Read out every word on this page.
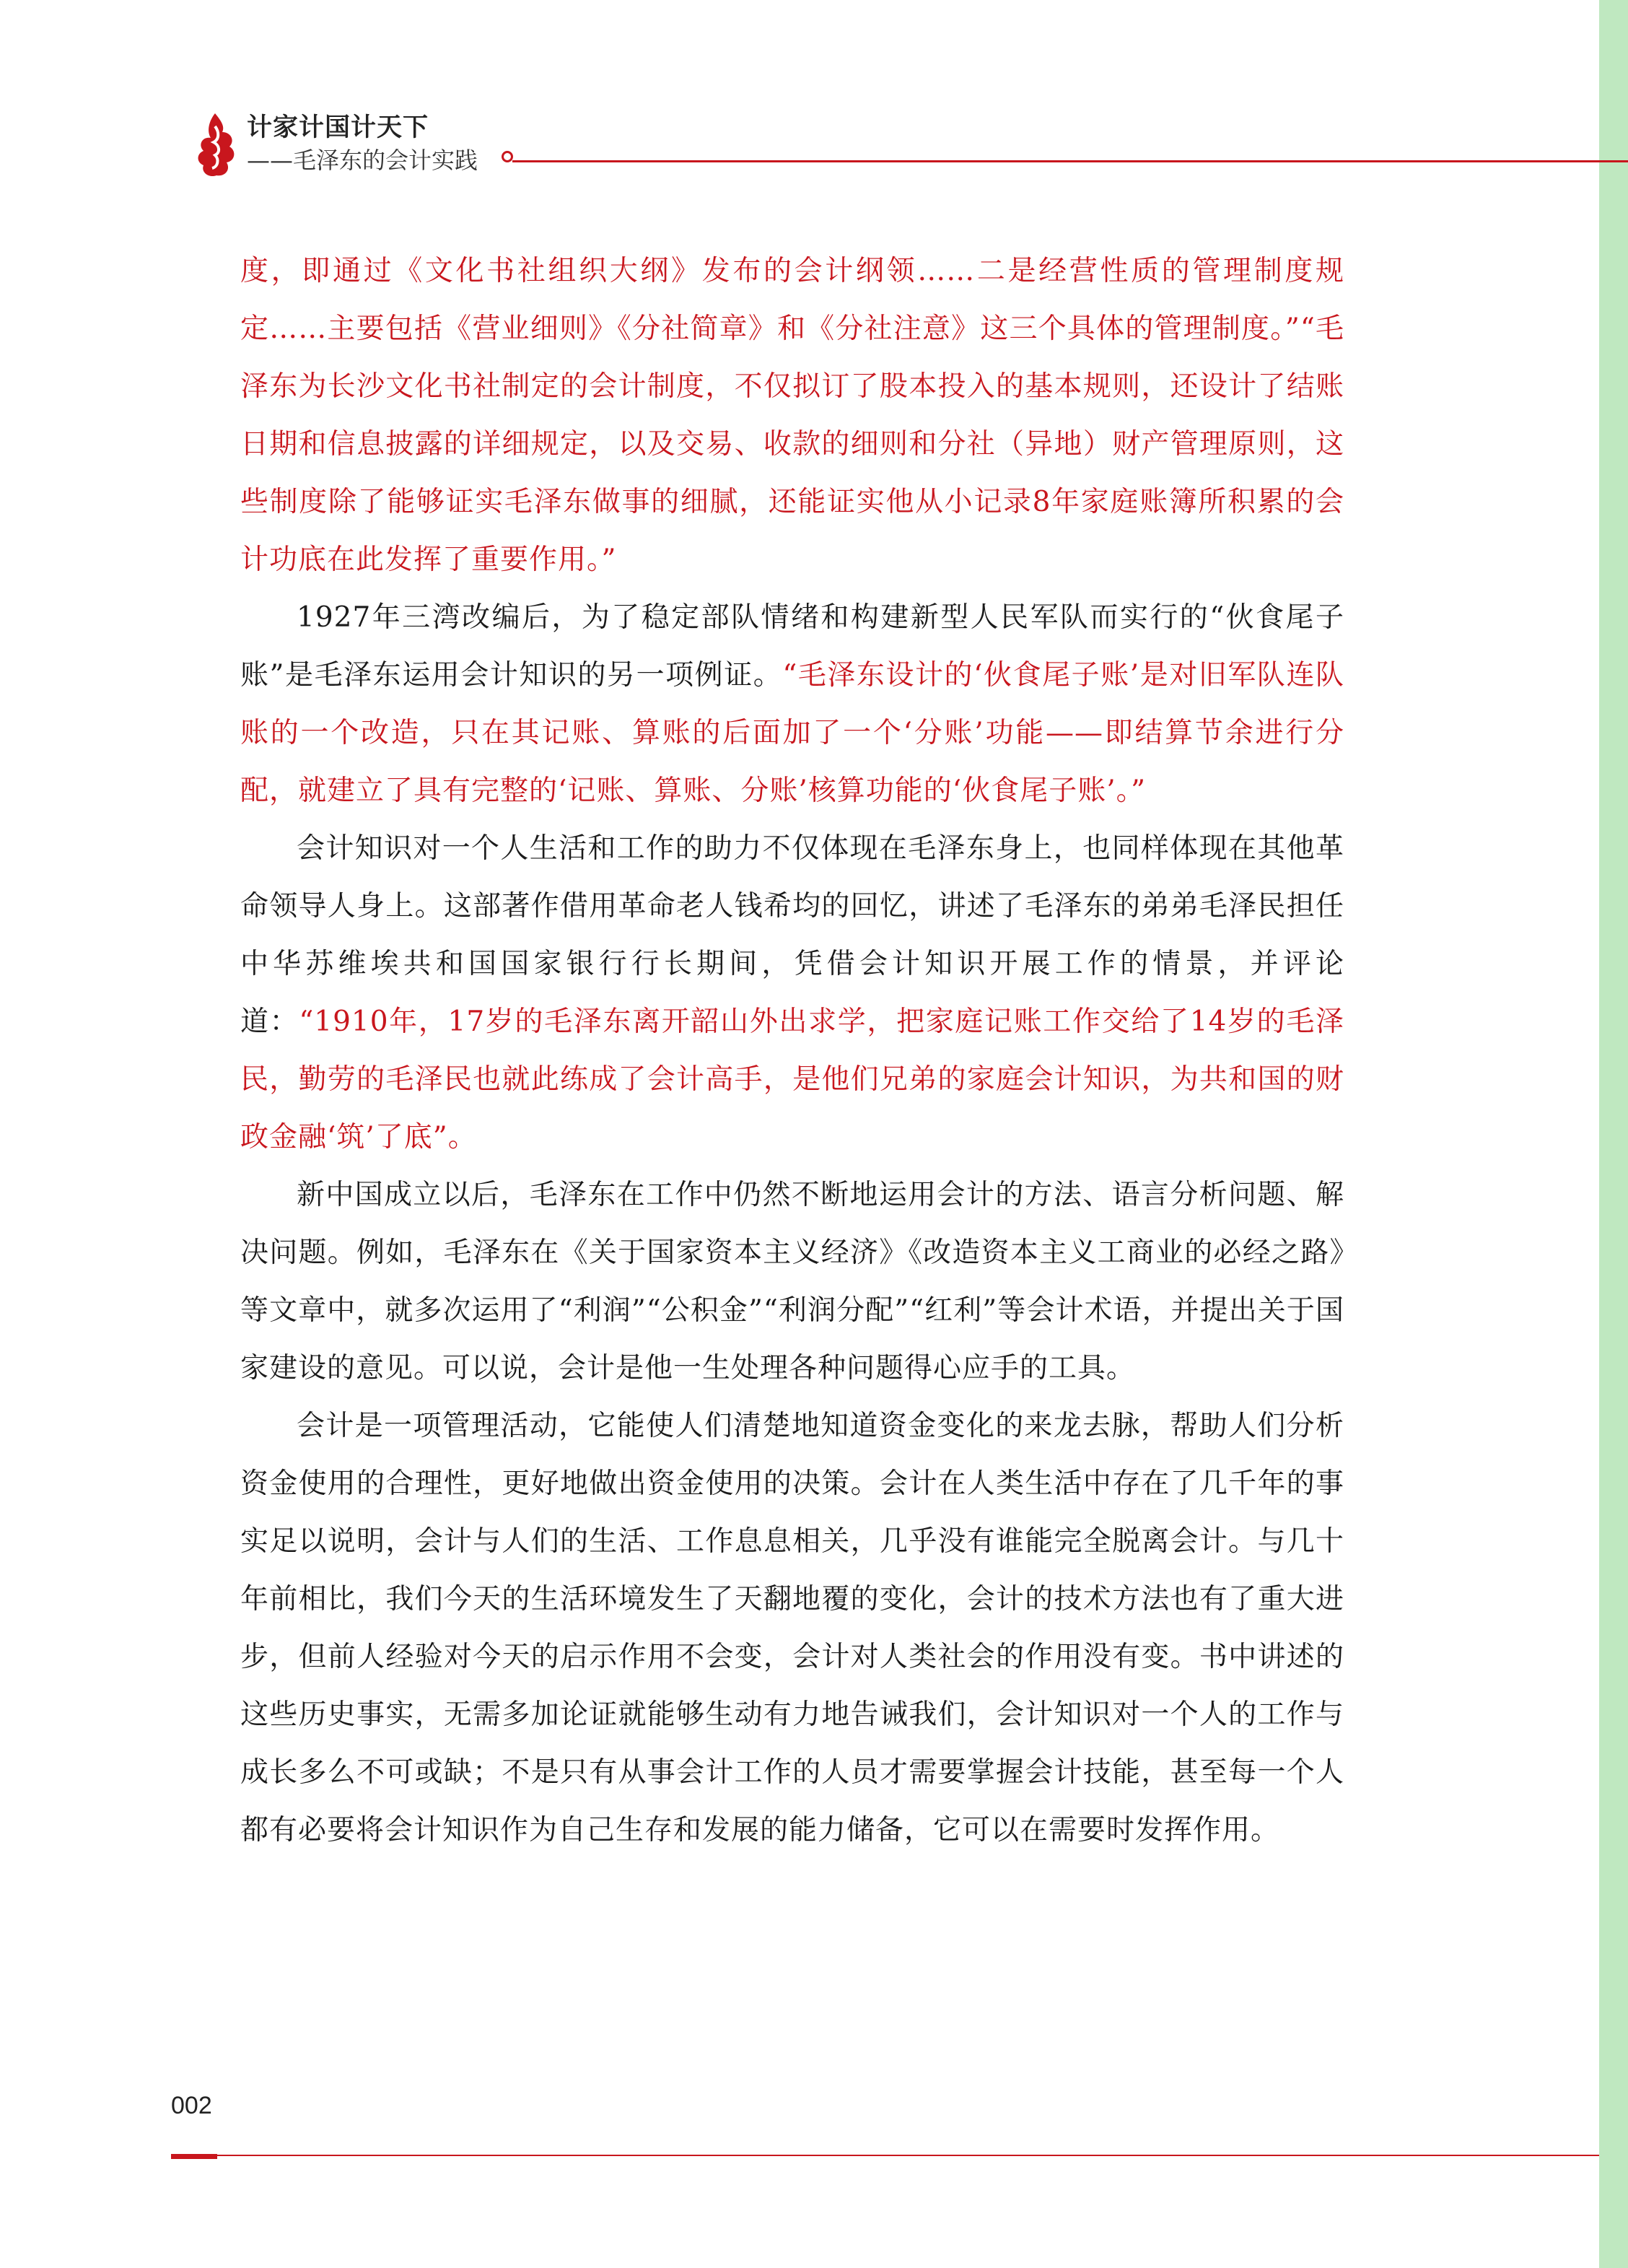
计家计国计天下
——毛泽东的会计实践

度，即通过《文化书社组织大纲》发布的会计纲领……二是经营性质的管理制度规定……主要包括《营业细则》《分社简章》和《分社注意》这三个具体的管理制度。”“毛泽东为长沙文化书社制定的会计制度，不仅拟订了股本投入的基本规则，还设计了结账日期和信息披露的详细规定，以及交易、收款的细则和分社（异地）财产管理原则，这些制度除了能够证实毛泽东做事的细腻，还能证实他从小记录8年家庭账簿所积累的会计功底在此发挥了重要作用。”

1927年三湾改编后，为了稳定部队情绪和构建新型人民军队而实行的“伙食尾子账”是毛泽东运用会计知识的另一项例证。“毛泽东设计的‘伙食尾子账’是对旧军队连队账的一个改造，只在其记账、算账的后面加了一个‘分账’功能——即结算节余进行分配，就建立了具有完整的‘记账、算账、分账’核算功能的‘伙食尾子账’。”

会计知识对一个人生活和工作的助力不仅体现在毛泽东身上，也同样体现在其他革命领导人身上。这部著作借用革命老人钱希均的回忆，讲述了毛泽东的弟弟毛泽民担任中华苏维埃共和国国家银行行长期间，凭借会计知识开展工作的情景，并评论道：“1910年，17岁的毛泽东离开韶山外出求学，把家庭记账工作交给了14岁的毛泽民，勤劳的毛泽民也就此练成了会计高手，是他们兄弟的家庭会计知识，为共和国的财政金融‘筑’了底”。

新中国成立以后，毛泽东在工作中仍然不断地运用会计的方法、语言分析问题、解决问题。例如，毛泽东在《关于国家资本主义经济》《改造资本主义工商业的必经之路》等文章中，就多次运用了“利润”“公积金”“利润分配”“红利”等会计术语，并提出关于国家建设的意见。可以说，会计是他一生处理各种问题得心应手的工具。

会计是一项管理活动，它能使人们清楚地知道资金变化的来龙去脉，帮助人们分析资金使用的合理性，更好地做出资金使用的决策。会计在人类生活中存在了几千年的事实足以说明，会计与人们的生活、工作息息相关，几乎没有谁能完全脱离会计。与几十年前相比，我们今天的生活环境发生了天翻地覆的变化，会计的技术方法也有了重大进步，但前人经验对今天的启示作用不会变，会计对人类社会的作用没有变。书中讲述的这些历史事实，无需多加论证就能够生动有力地告诫我们，会计知识对一个人的工作与成长多么不可或缺；不是只有从事会计工作的人员才需要掌握会计技能，甚至每一个人都有必要将会计知识作为自己生存和发展的能力储备，它可以在需要时发挥作用。

002
